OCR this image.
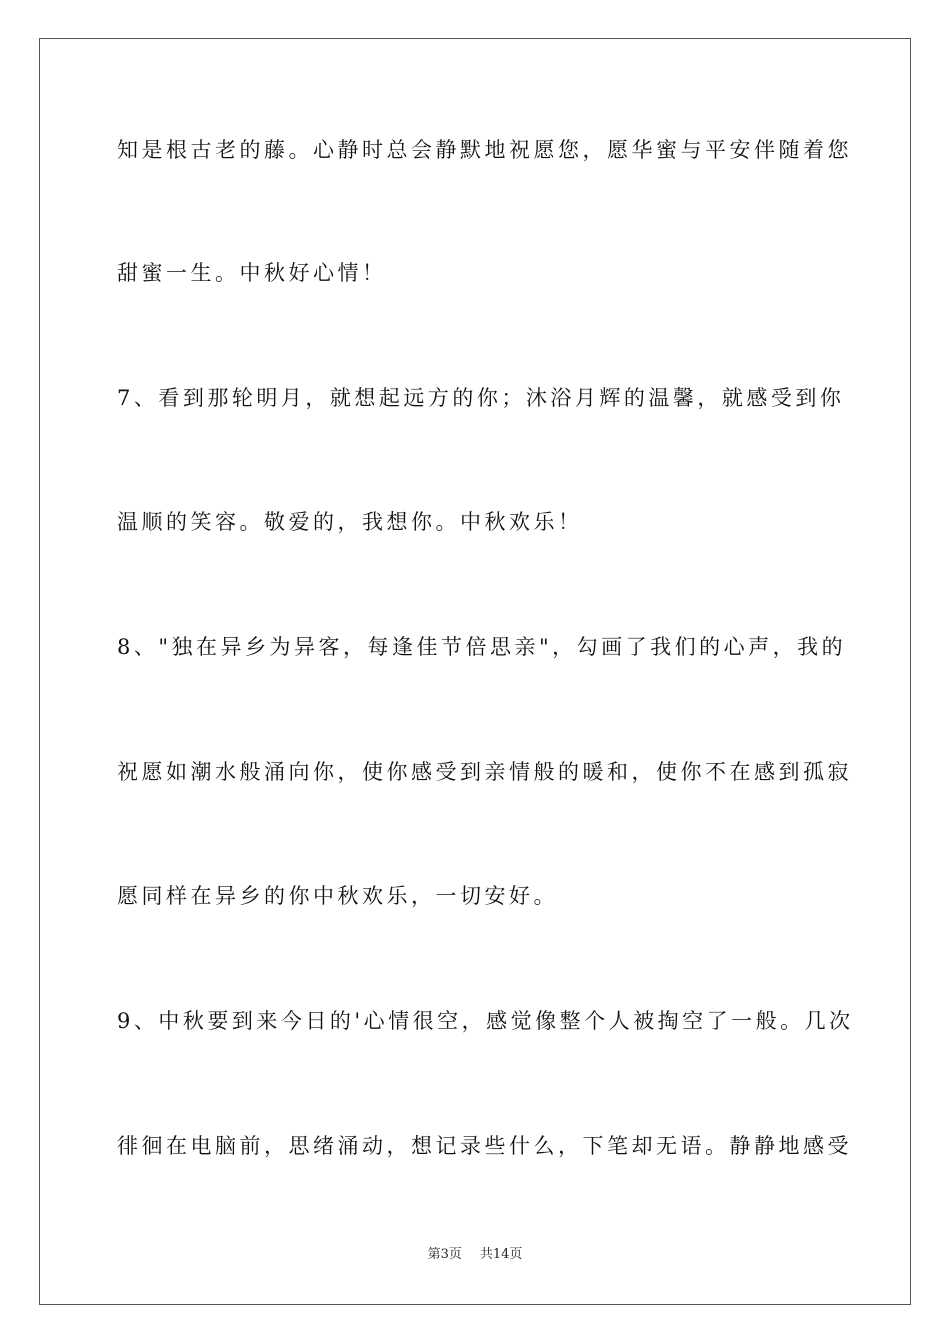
知是根古老的藤。心静时总会静默地祝愿您，愿华蜜与平安伴随着您
甜蜜一生。中秋好心情！
7、看到那轮明月，就想起远方的你；沐浴月辉的温馨，就感受到你
温顺的笑容。敬爱的，我想你。中秋欢乐！
8、"独在异乡为异客，每逢佳节倍思亲"，勾画了我们的心声，我的
祝愿如潮水般涌向你，使你感受到亲情般的暖和，使你不在感到孤寂
愿同样在异乡的你中秋欢乐，一切安好。
9、中秋要到来今日的'心情很空，感觉像整个人被掏空了一般。几次
徘徊在电脑前，思绪涌动，想记录些什么，下笔却无语。静静地感受
第3页 共14页
